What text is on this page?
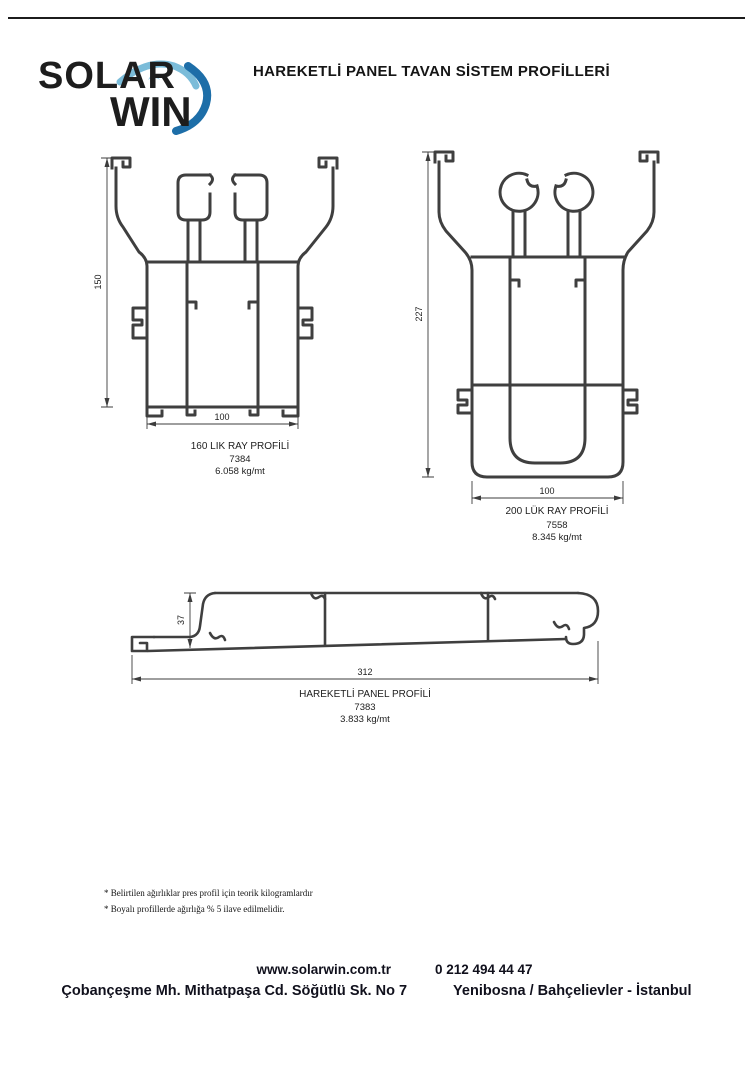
SOLAR
WIN
HAREKETLİ PANEL TAVAN SİSTEM PROFİLLERİ
150
100
160 LIK RAY PROFİLİ
7384
6.058 kg/mt
227
100
200 LÜK RAY PROFİLİ
7558
8.345 kg/mt
37
312
HAREKETLİ PANEL PROFİLİ
7383
3.833 kg/mt
* Belirtilen ağırlıklar pres profil için teorik kilogramlardır
* Boyalı profillerde ağırlığa % 5 ilave edilmelidir.
www.solarwin.com.tr	0 212 494 44 47
Çobançeşme Mh. Mithatpaşa Cd. Söğütlü Sk. No 7	Yenibosna / Bahçelievler - İstanbul
